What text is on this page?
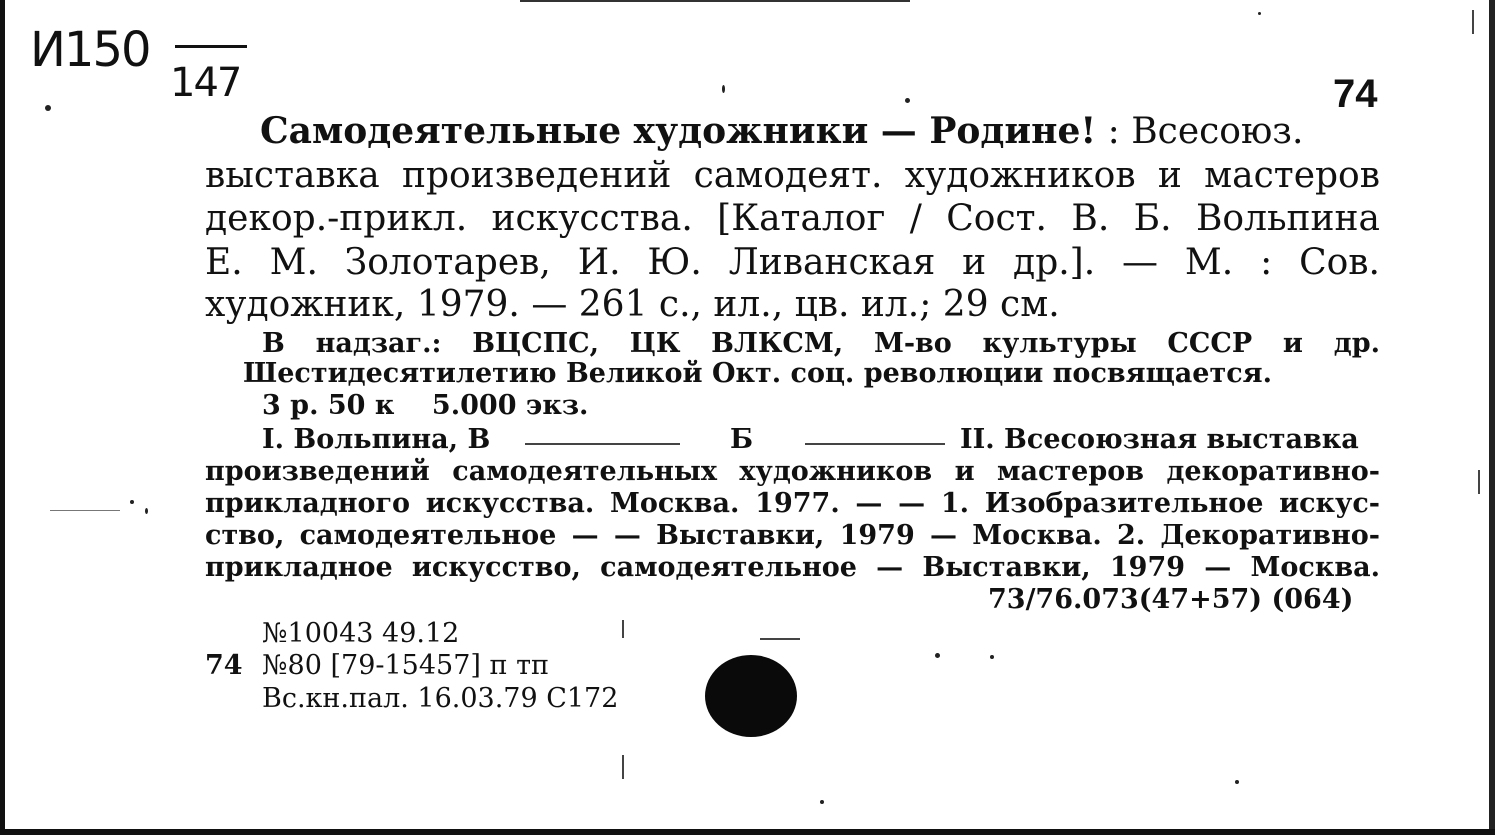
И150
147	74
Самодеятельные художники — Родине! : Всесоюз.
выставка произведений самодеят. художников и мастеров
декор.-прикл. искусства. [Каталог / Сост. В. Б. Вольпина
Е. М. Золотарев, И. Ю. Ливанская и др.]. — М. : Сов.
художник, 1979. — 261 с., ил., цв. ил.; 29 см.
В надзаг.: ВЦСПС, ЦК ВЛКСМ, М-во культуры СССР и др.
Шестидесятилетию Великой Окт. соц. революции посвящается.
3 р. 50 к    5.000 экз.
I. Вольпина, В	Б	II. Всесоюзная выставка
произведений самодеятельных художников и мастеров декоративно-
прикладного искусства. Москва. 1977. — — 1. Изобразительное искус-
ство, самодеятельное — — Выставки, 1979 — Москва. 2. Декоративно-
прикладное искусство, самодеятельное — Выставки, 1979 — Москва.
73/76.073(47+57) (064)
№10043 49.12
74 №80 [79-15457] п тп
Вс.кн.пал. 16.03.79 С172
